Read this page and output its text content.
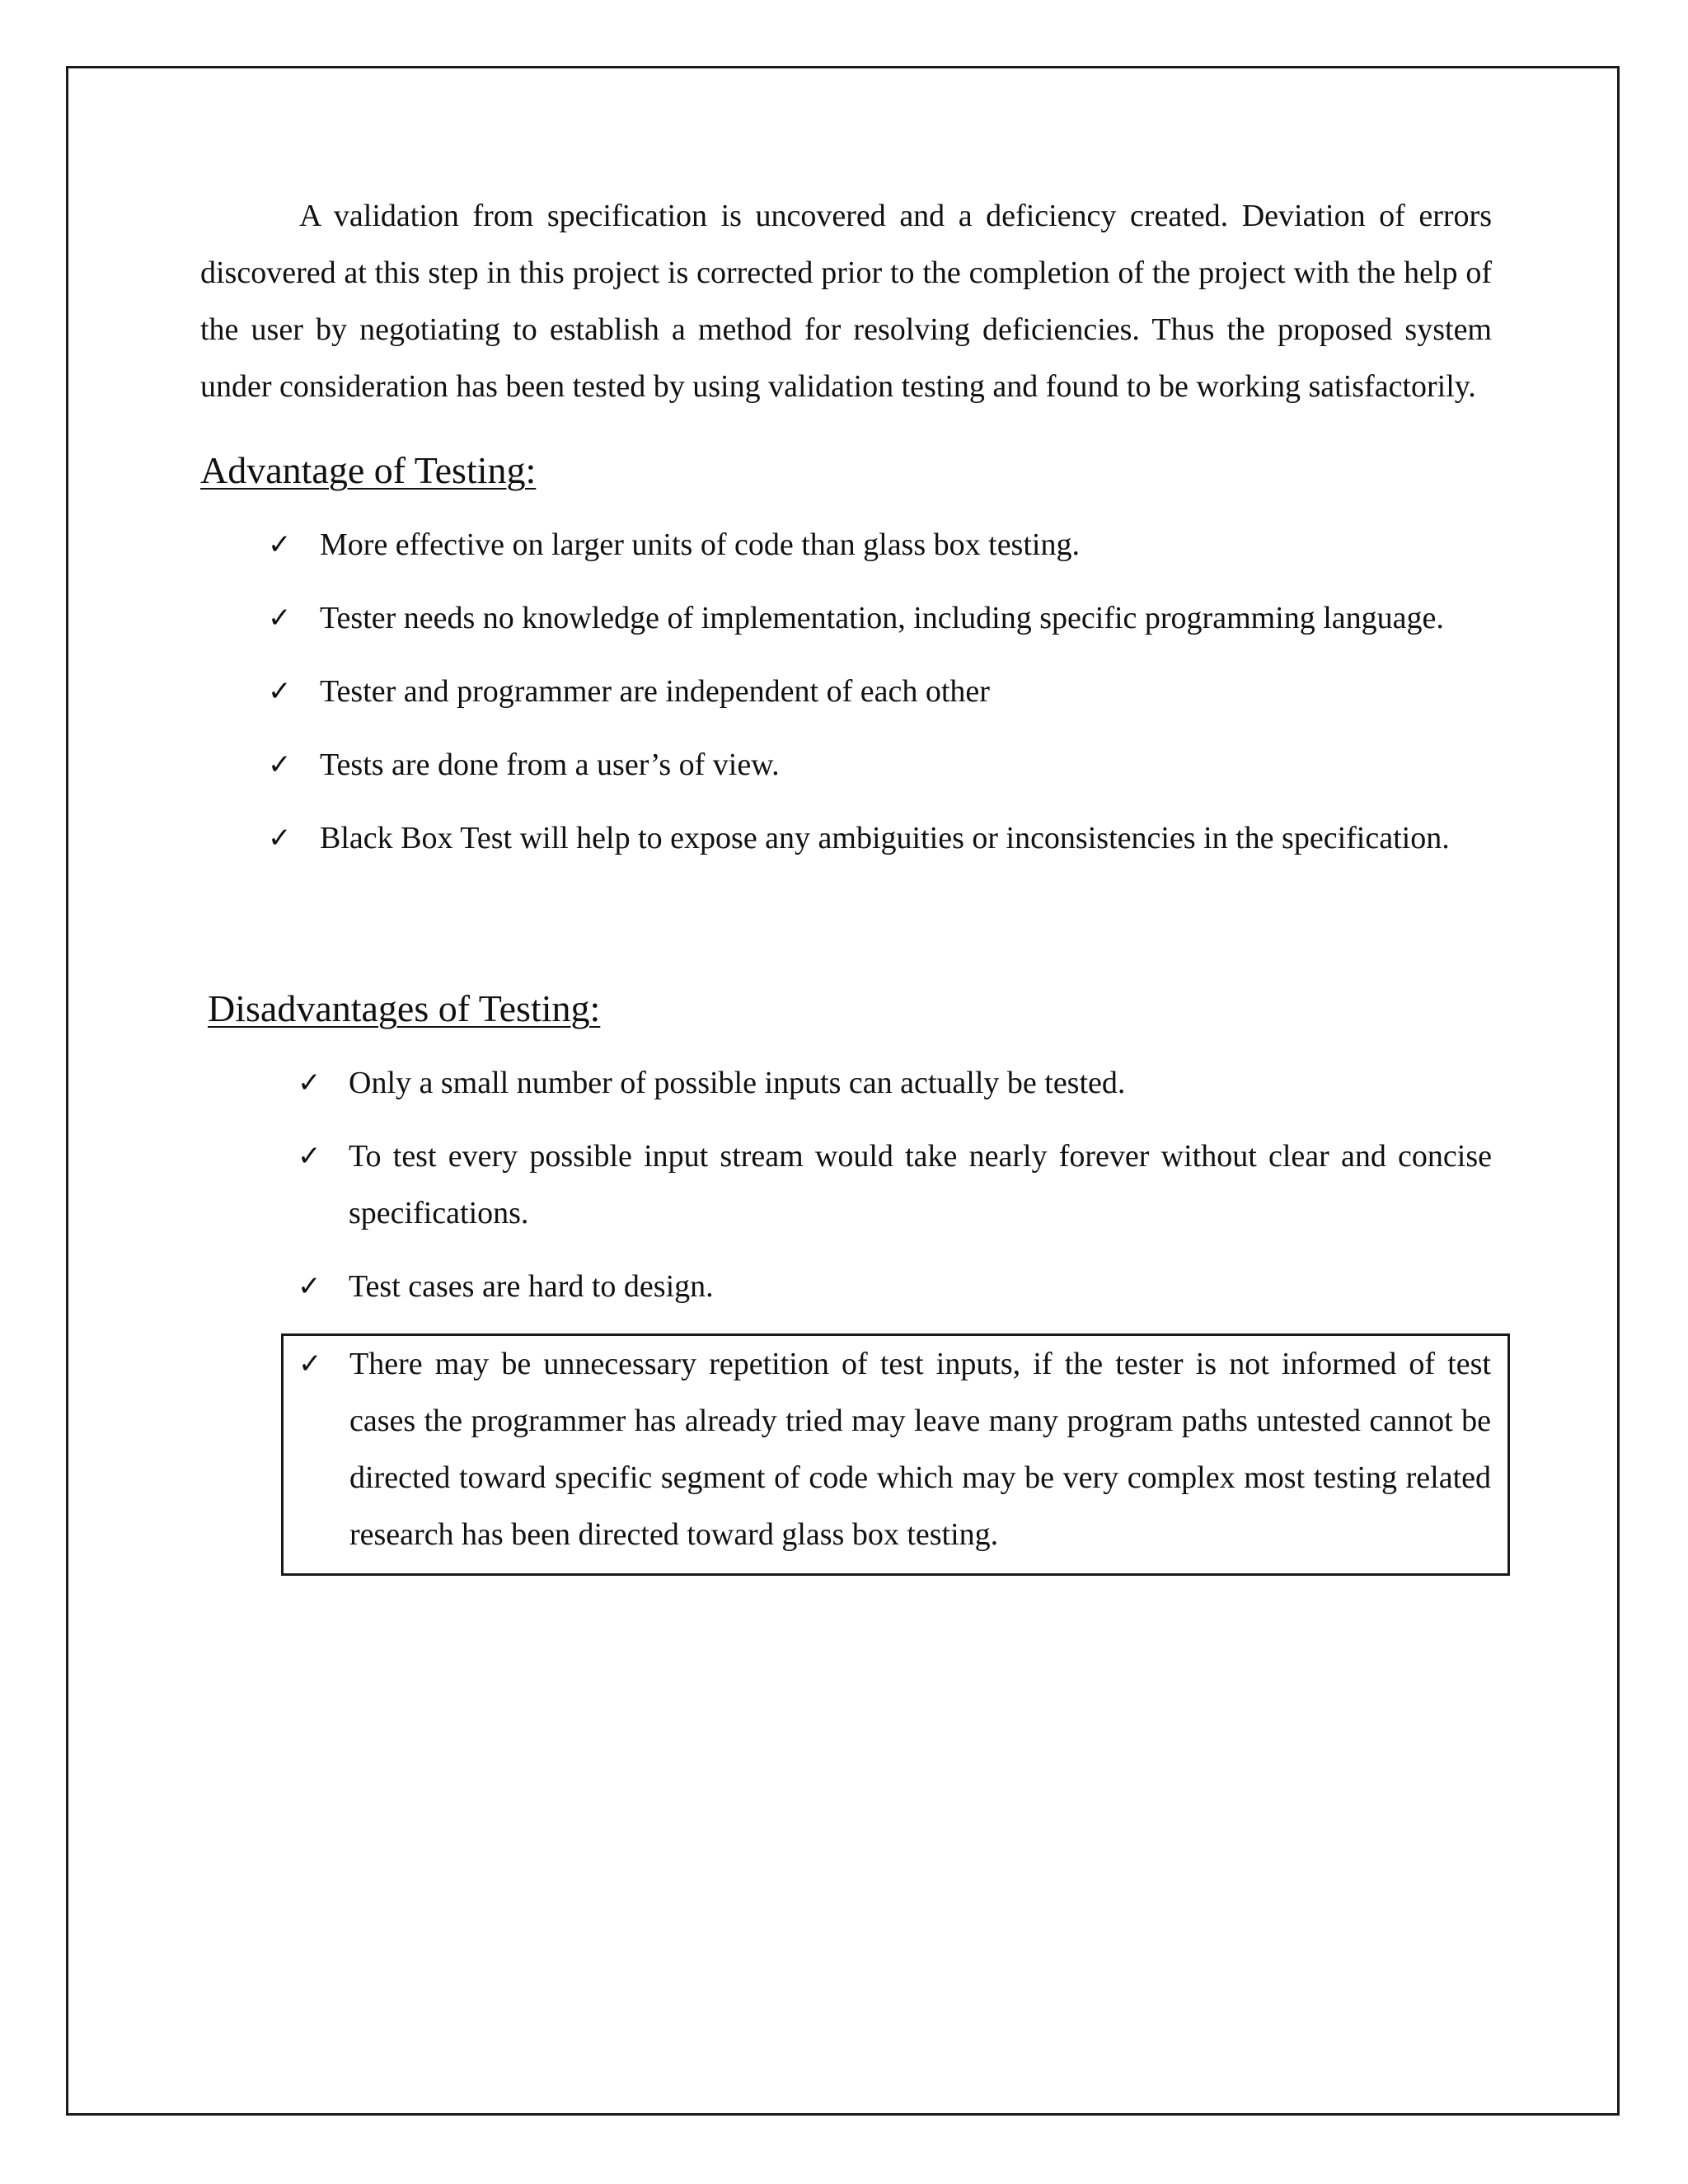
A validation from specification is uncovered and a deficiency created. Deviation of errors discovered at this step in this project is corrected prior to the completion of the project with the help of the user by negotiating to establish a method for resolving deficiencies. Thus the proposed system under consideration has been tested by using validation testing and found to be working satisfactorily.

Advantage of Testing:
✓ More effective on larger units of code than glass box testing.
✓ Tester needs no knowledge of implementation, including specific programming language.
✓ Tester and programmer are independent of each other
✓ Tests are done from a user’s of view.
✓ Black Box Test will help to expose any ambiguities or inconsistencies in the specification.
Disadvantages of Testing:
✓ Only a small number of possible inputs can actually be tested.
✓ To test every possible input stream would take nearly forever without clear and concise specifications.
✓ Test cases are hard to design.
✓ There may be unnecessary repetition of test inputs, if the tester is not informed of test cases the programmer has already tried may leave many program paths untested cannot be directed toward specific segment of code which may be very complex most testing related research has been directed toward glass box testing.
